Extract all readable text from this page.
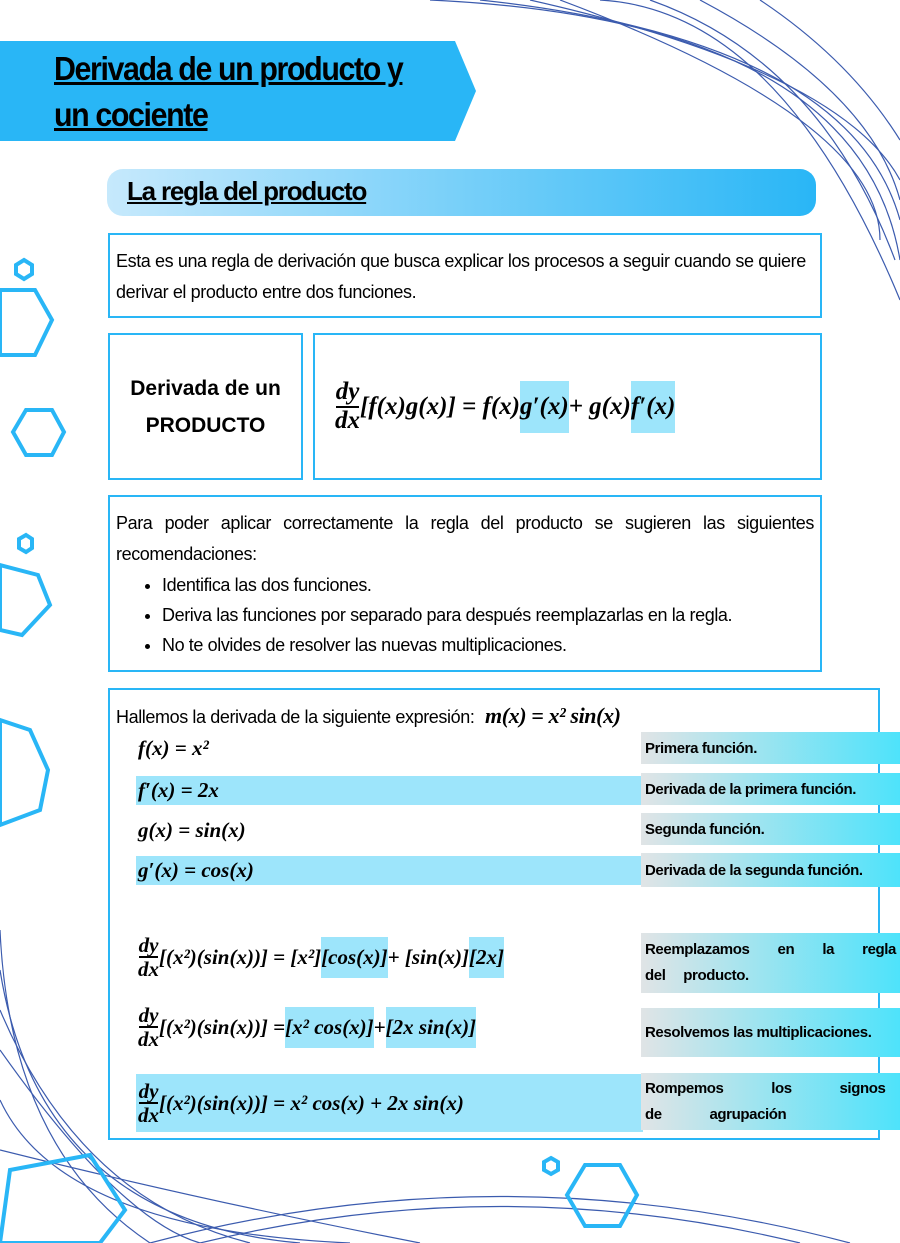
Derivada de un producto y un cociente
La regla del producto
Esta es una regla de derivación que busca explicar los procesos a seguir cuando se quiere derivar el producto entre dos funciones.
Derivada de un
PRODUCTO	$\frac{dy}{dx} [f(x)g(x)] = f(x) g'(x) + g(x)$ f′(x)
Para poder aplicar correctamente la regla del producto se sugieren las siguientes recomendaciones:
• Identifica las dos funciones.
• Deriva las funciones por separado para después reemplazarlas en la regla.
• No te olvides de resolver las nuevas multiplicaciones.
Hallemos la derivada de la siguiente expresión: m(x) = x² sin(x)
f(x) = x²
f′(x) = 2x
g(x) = sin(x)
g′(x) = cos(x)
$\frac{dy}{dx} [(x^2)(\sin(x))] = [x^2] [\cos(x)] + [\sin(x)]$ [2x]
$\frac{dy}{dx} [(x^2)(\sin(x))] = [x^2$ cos(x)] + [2x sin(x)]
$\frac{dy}{dx} [(x^2)(\sin(x))] = x^2$ cos(x) + 2x sin(x)
Primera función.
Derivada de la primera función.
Segunda función.
Derivada de la segunda función.
Reemplazamos en la regla del producto.
Resolvemos las multiplicaciones.
Rompemos los signos de agrupación
